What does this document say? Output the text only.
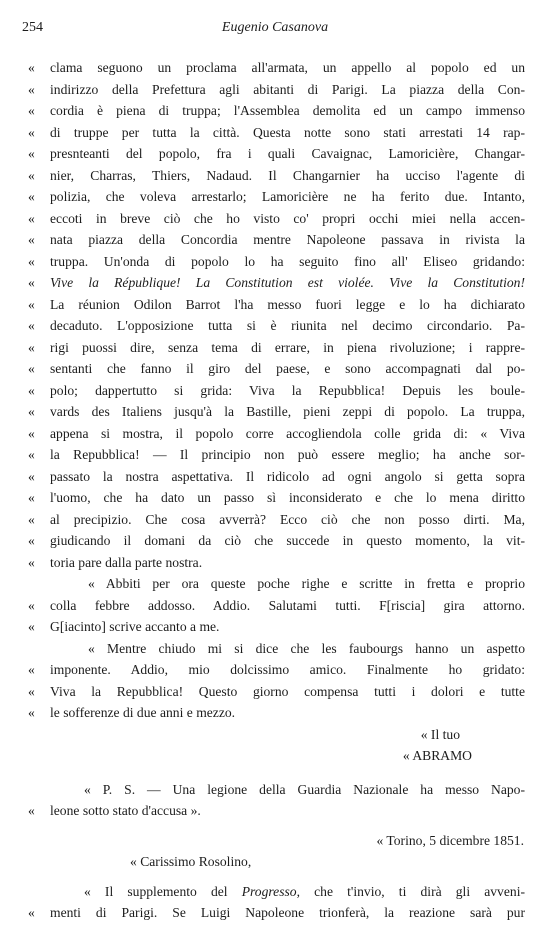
254	Eugenio Casanova
«	clama seguono un proclama all'armata, un appello al popolo ed un
«	indirizzo della Prefettura agli abitanti di Parigi. La piazza della Con-
«	cordia è piena di truppa; l'Assemblea demolita ed un campo immenso
«	di truppe per tutta la città. Questa notte sono stati arrestati 14 rap-
«	presnteanti del popolo, fra i quali Cavaignac, Lamoricière, Changar-
«	nier, Charras, Thiers, Nadaud. Il Changarnier ha ucciso l'agente di
«	polizia, che voleva arrestarlo; Lamoricière ne ha ferito due. Intanto,
«	eccoti in breve ciò che ho visto co' propri occhi miei nella accen-
«	nata piazza della Concordia mentre Napoleone passava in rivista la
«	truppa. Un'onda di popolo lo ha seguito fino all' Eliseo gridando:
«	Vive la République! La Constitution est violée. Vive la Constitution!
«	La réunion Odilon Barrot l'ha messo fuori legge e lo ha dichiarato
«	decaduto. L'opposizione tutta si è riunita nel decimo circondario. Pa-
«	rigi puossi dire, senza tema di errare, in piena rivoluzione; i rappre-
«	sentanti che fanno il giro del paese, e sono accompagnati dal po-
«	polo; dappertutto si grida: Viva la Repubblica! Depuis les boule-
«	vards des Italiens jusqu'à la Bastille, pieni zeppi di popolo. La truppa,
«	appena si mostra, il popolo corre accogliendola colle grida di: « Viva
«	la Repubblica! — Il principio non può essere meglio; ha anche sor-
«	passato la nostra aspettativa. Il ridicolo ad ogni angolo si getta sopra
«	l'uomo, che ha dato un passo sì inconsiderato e che lo mena diritto
«	al precipizio. Che cosa avverrà? Ecco ciò che non posso dirti. Ma,
«	giudicando il domani da ciò che succede in questo momento, la vit-
«	toria pare dalla parte nostra.
« Abbiti per ora queste poche righe e scritte in fretta e proprio
«	colla febbre addosso. Addio. Salutami tutti. F[riscia] gira attorno.
«	G[iacinto] scrive accanto a me.
« Mentre chiudo mi si dice che les faubourgs hanno un aspetto
«	imponente. Addio, mio dolcissimo amico. Finalmente ho gridato:
«	Viva la Repubblica! Questo giorno compensa tutti i dolori e tutte
«	le sofferenze di due anni e mezzo.
« Il tuo
« ABRAMO
« P. S. — Una legione della Guardia Nazionale ha messo Napo-
«	leone sotto stato d'accusa ».
« Torino, 5 dicembre 1851.
« Carissimo Rosolino,
« Il supplemento del Progresso, che t'invio, ti dirà gli avveni-
«	menti di Parigi. Se Luigi Napoleone trionferà, la reazione sarà pur
